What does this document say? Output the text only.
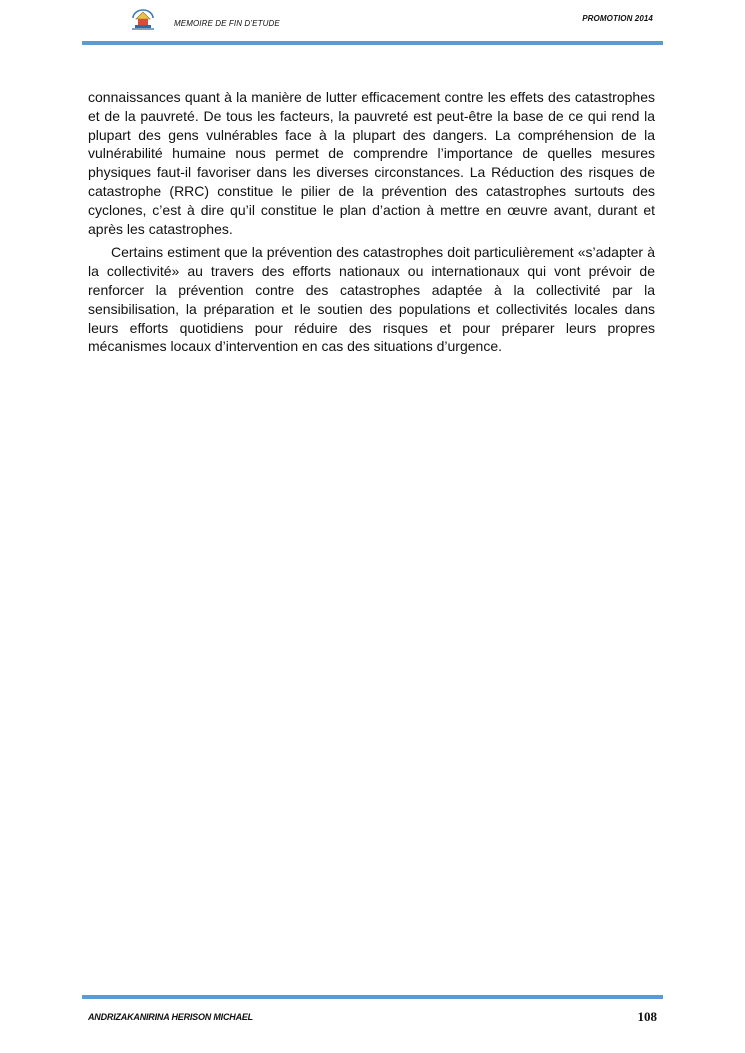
MEMOIRE DE FIN D’ETUDE
PROMOTION 2014

connaissances quant à la manière de lutter efficacement contre les effets des catastrophes et de la pauvreté. De tous les facteurs, la pauvreté est peut-être la base de ce qui rend la plupart des gens vulnérables face à la plupart des dangers. La compréhension de la vulnérabilité humaine nous permet de comprendre l’importance de quelles mesures physiques faut-il favoriser dans les diverses circonstances. La Réduction des risques de catastrophe (RRC) constitue le pilier de la prévention des catastrophes surtouts des cyclones, c’est à dire qu’il constitue le plan d’action à mettre en œuvre avant, durant et après les catastrophes.

Certains estiment que la prévention des catastrophes doit particulièrement «s’adapter à la collectivité» au travers des efforts nationaux ou internationaux qui vont prévoir de renforcer la prévention contre des catastrophes adaptée à la collectivité par la sensibilisation, la préparation et le soutien des populations et collectivités locales dans leurs efforts quotidiens pour réduire des risques et pour préparer leurs propres mécanismes locaux d’intervention en cas des situations d’urgence.

ANDRIZAKANIRINA HERISON MICHAEL	108
